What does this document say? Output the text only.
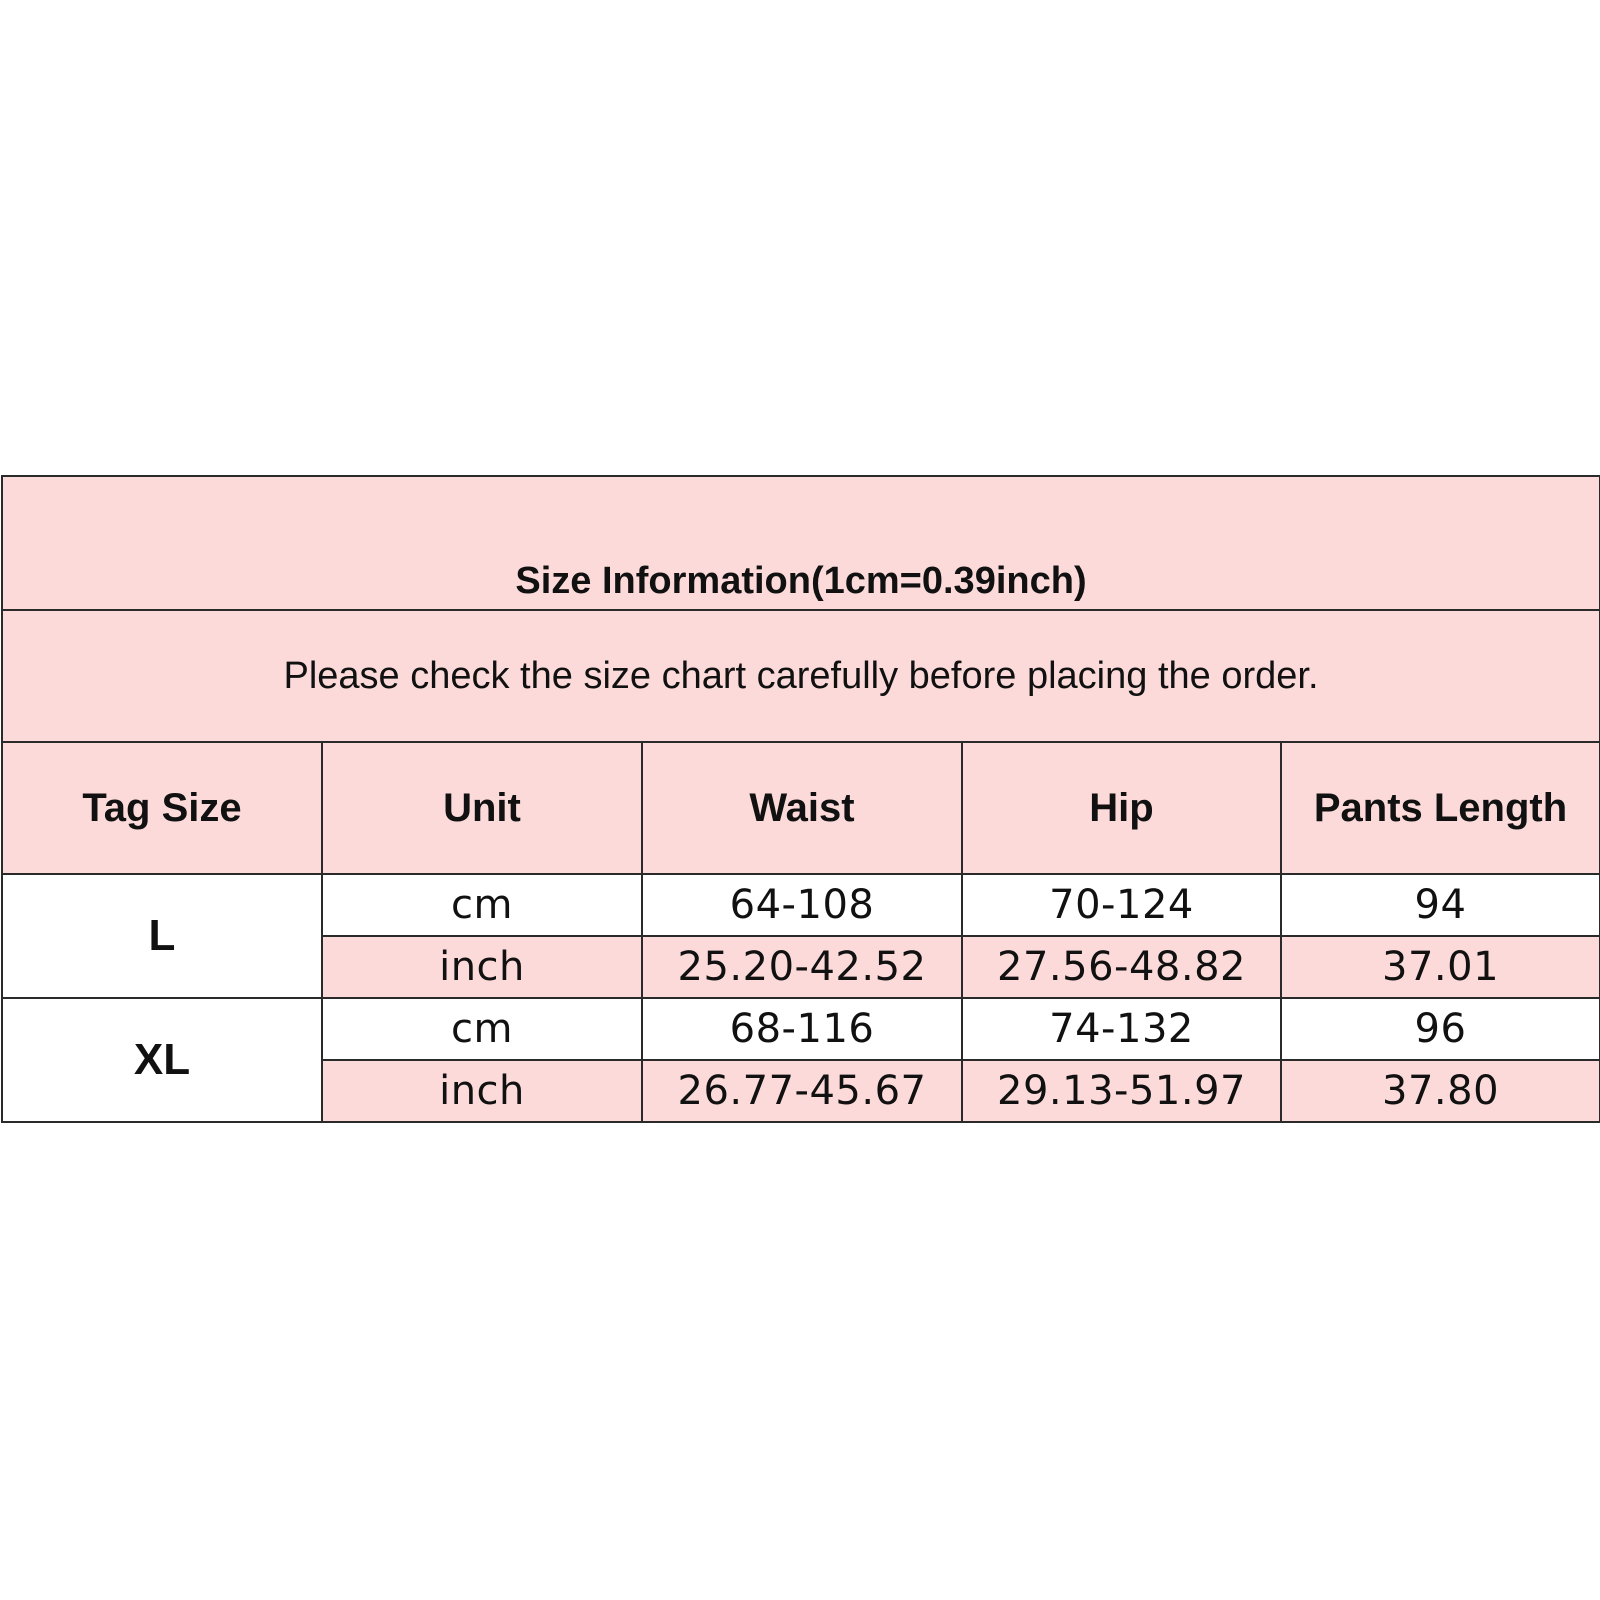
Size Information(1cm=0.39inch)				
Please check the size chart carefully before placing the order.				
Tag Size	Unit	Waist	Hip	Pants Length
L	cm	64-108	70-124	94
	inch	25.20-42.52	27.56-48.82	37.01
XL	cm	68-116	74-132	96
	inch	26.77-45.67	29.13-51.97	37.80
